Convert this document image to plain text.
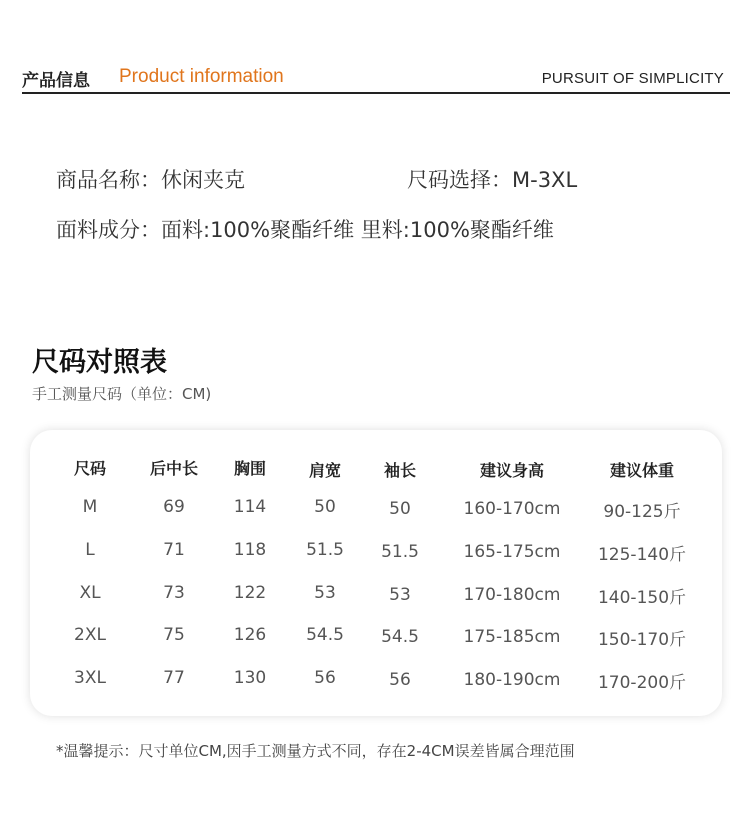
产品信息 Product information	PURSUIT OF SIMPLICITY
商品名称：休闲夹克	尺码选择：M-3XL
面料成分：面料:100%聚酯纤维 里料:100%聚酯纤维
尺码对照表
手工测量尺码（单位：CM)
尺码	后中长	胸围	肩宽	袖长	建议身高	建议体重
M	69	114	50	50	160-170cm	90-125斤
L	71	118	51.5	51.5	165-175cm	125-140斤
XL	73	122	53	53	170-180cm	140-150斤
2XL	75	126	54.5	54.5	175-185cm	150-170斤
3XL	77	130	56	56	180-190cm	170-200斤
*温馨提示：尺寸单位CM,因手工测量方式不同，存在2-4CM误差皆属合理范围
